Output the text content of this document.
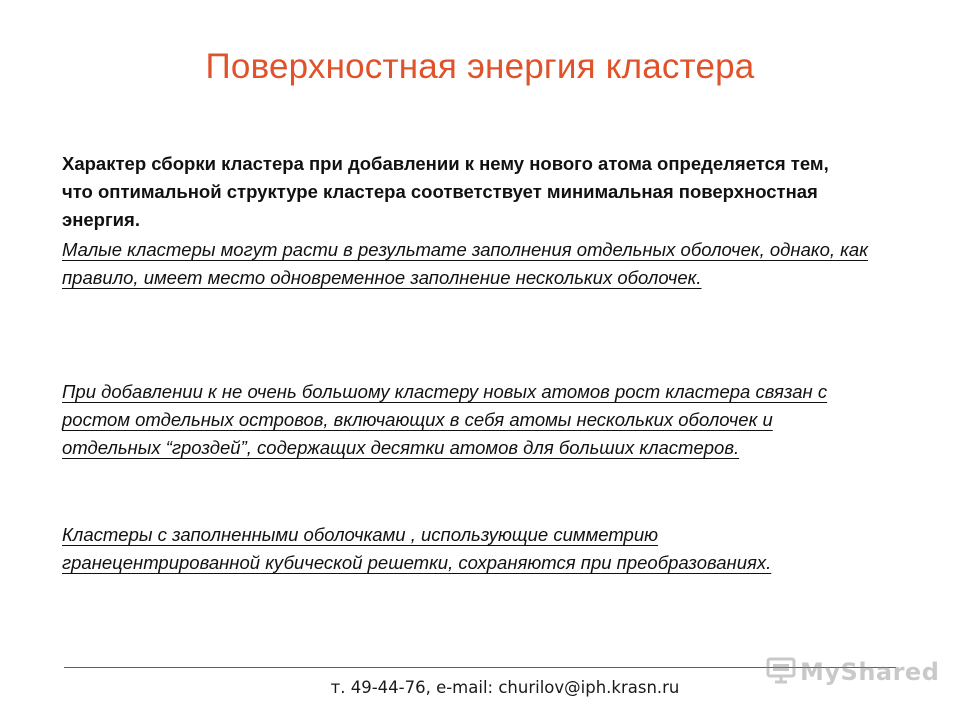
Поверхностная энергия кластера

Характер сборки кластера при добавлении к нему нового атома определяется тем, что оптимальной структуре кластера соответствует минимальная поверхностная энергия.

Малые кластеры могут расти в результате заполнения отдельных оболочек, однако, как правило, имеет место одновременное заполнение нескольких оболочек.

При добавлении к не очень большому кластеру новых атомов рост кластера связан с ростом отдельных островов, включающих в себя атомы нескольких оболочек и отдельных “гроздей”, содержащих десятки атомов для больших кластеров.

Кластеры с заполненными оболочками , использующие симметрию гранецентрированной кубической решетки, сохраняются при преобразованиях.

т. 49-44-76, e-mail: churilov@iph.krasn.ru
MyShared
